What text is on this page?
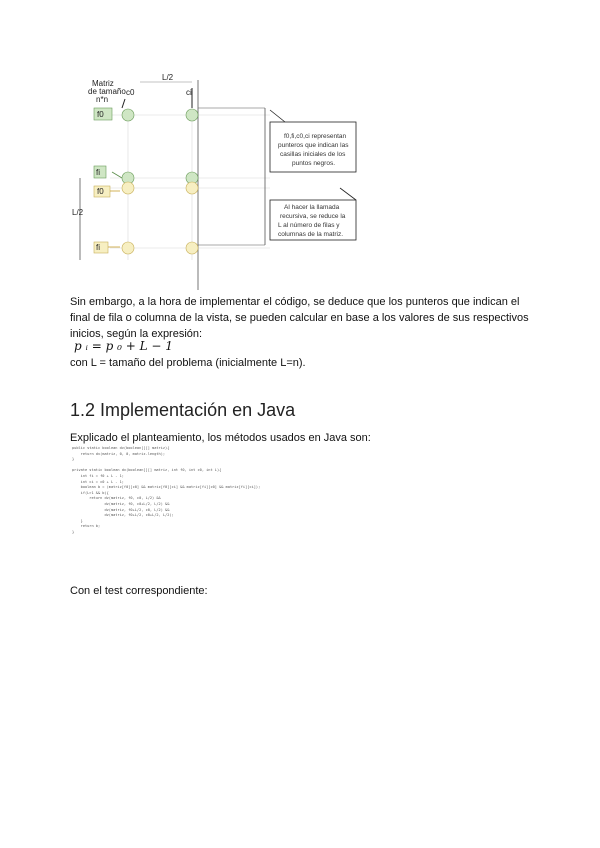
L/2
Matriz de tamaño n*n
c0	ci
L/2
f0
fi
f0
fi
f0,fi,c0,ci representan punteros que indican las casillas iniciales de los puntos negros.
Al hacer la llamada recursiva, se reduce la L al número de filas y columnas de la matriz.
Sin embargo, a la hora de implementar el código, se deduce que los punteros que indican el final de fila o columna de la vista, se pueden calcular en base a los valores de sus respectivos inicios, según la expresión:
p ᵢ = p ₀ + L − 1
con L = tamaño del problema (inicialmente L=n).
1.2 Implementación en Java
Explicado el planteamiento, los métodos usados en Java son:
public static boolean dv(boolean[][] matriz){
return dv(matriz, 0, 0, matriz.length);
}
private static boolean dv(boolean[][] matriz, int f0, int c0, int L){
int fi = f0 + L - 1;
int ci = c0 + L - 1;
boolean b = (matriz[f0][c0] && matriz[f0][ci] && matriz[fi][c0] && matriz[fi][ci]);
if(L>1 && b){
return dv(matriz, f0, c0, L/2) &&
dv(matriz, f0, c0+L/2, L/2) &&
dv(matriz, f0+L/2, c0, L/2) &&
dv(matriz, f0+L/2, c0+L/2, L/2);
}
return b;
}
Con el test correspondiente:
